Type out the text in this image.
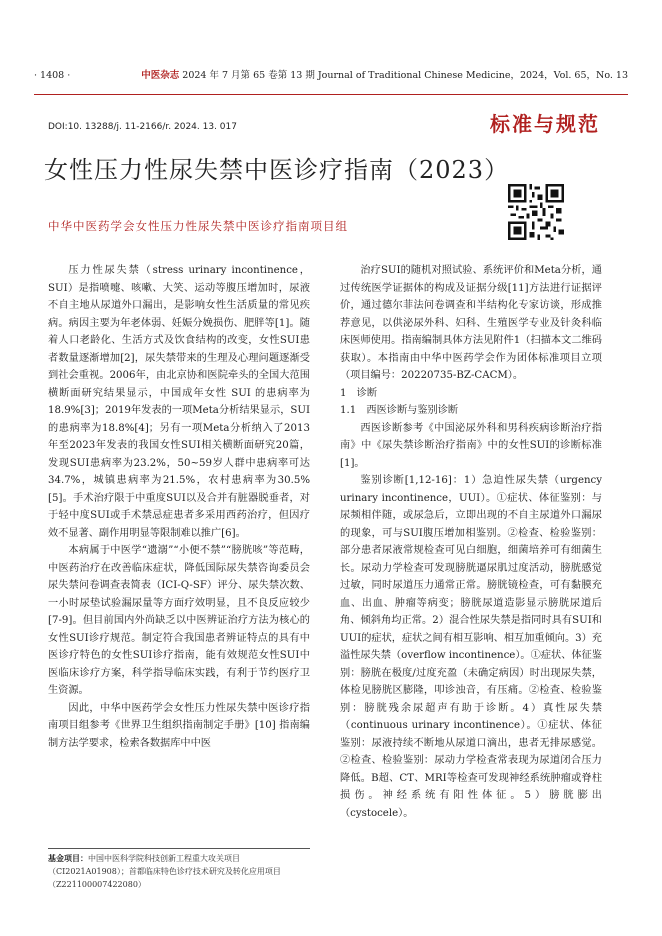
· 1408 ·	中医杂志 2024 年 7 月第 65 卷第 13 期 Journal of Traditional Chinese Medicine，2024，Vol. 65，No. 13
DOI:10. 13288/j. 11-2166/r. 2024. 13. 017	标准与规范
女性压力性尿失禁中医诊疗指南（2023）
中华中医药学会女性压力性尿失禁中医诊疗指南项目组

压力性尿失禁（stress urinary incontinence，SUI）是指喷嚏、咳嗽、大笑、运动等腹压增加时，尿液不自主地从尿道外口漏出，是影响女性生活质量的常见疾病。病因主要为年老体弱、妊娠分娩损伤、肥胖等[1]。随着人口老龄化、生活方式及饮食结构的改变，女性SUI患者数量逐渐增加[2]，尿失禁带来的生理及心理问题逐渐受到社会重视。2006年，由北京协和医院牵头的全国大范围横断面研究结果显示，中国成年女性 SUI 的患病率为 18.9%[3]；2019年发表的一项Meta分析结果显示，SUI的患病率为18.8%[4]；另有一项Meta分析纳入了2013年至2023年发表的我国女性SUI相关横断面研究20篇，发现SUI患病率为23.2%，50~59岁人群中患病率可达34.7%，城镇患病率为21.5%，农村患病率为30.5%[5]。手术治疗限于中重度SUI以及合并有脏器脱垂者，对于轻中度SUI或手术禁忌症患者多采用西药治疗，但因疗效不显著、副作用明显等限制难以推广[6]。

本病属于中医学“遗溺”“小便不禁”“膀胱咳”等范畴，中医药治疗在改善临床症状，降低国际尿失禁咨询委员会尿失禁问卷调查表简表（ICI-Q-SF）评分、尿失禁次数、一小时尿垫试验漏尿量等方面疗效明显，且不良反应较少[7-9]。但目前国内外尚缺乏以中医辨证治疗方法为核心的女性SUI诊疗规范。制定符合我国患者辨证特点的具有中医诊疗特色的女性SUI诊疗指南，能有效规范女性SUI中医临床诊疗方案，科学指导临床实践，有利于节约医疗卫生资源。

因此，中华中医药学会女性压力性尿失禁中医诊疗指南项目组参考《世界卫生组织指南制定手册》[10] 指南编制方法学要求，检索各数据库中中医

基金项目：中国中医科学院科技创新工程重大攻关项目（CI2021A01908）；首都临床特色诊疗技术研究及转化应用项目（Z221100007422080）

治疗SUI的随机对照试验、系统评价和Meta分析，通过传统医学证据体的构成及证据分级[11]方法进行证据评价，通过德尔菲法问卷调查和半结构化专家访谈，形成推荐意见，以供泌尿外科、妇科、生殖医学专业及针灸科临床医师使用。指南编制具体方法见附件1（扫描本文二维码获取）。本指南由中华中医药学会作为团体标准项目立项（项目编号：20220735-BZ-CACM）。

1　诊断

1.1　西医诊断与鉴别诊断

西医诊断参考《中国泌尿外科和男科疾病诊断治疗指南》中《尿失禁诊断治疗指南》中的女性SUI的诊断标准[1]。

鉴别诊断[1,12-16]：1）急迫性尿失禁（urgency urinary incontinence，UUI）。①症状、体征鉴别：与尿频相伴随，或尿急后，立即出现的不自主尿道外口漏尿的现象，可与SUI腹压增加相鉴别。②检查、检验鉴别：部分患者尿液常规检查可见白细胞，细菌培养可有细菌生长。尿动力学检查可发现膀胱逼尿肌过度活动，膀胱感觉过敏，同时尿道压力通常正常。膀胱镜检查，可有黏膜充血、出血、肿瘤等病变；膀胱尿道造影显示膀胱尿道后角、倾斜角均正常。2）混合性尿失禁是指同时具有SUI和UUI的症状，症状之间有相互影响、相互加重倾向。3）充溢性尿失禁（overflow incontinence）。①症状、体征鉴别：膀胱在极度/过度充盈（未确定病因）时出现尿失禁，体检见膀胱区膨隆，叩诊浊音，有压痛。②检查、检验鉴别：膀胱残余尿超声有助于诊断。4）真性尿失禁（continuous urinary incontinence）。①症状、体征鉴别：尿液持续不断地从尿道口滴出，患者无排尿感觉。②检查、检验鉴别：尿动力学检查常表现为尿道闭合压力降低。B超、CT、MRI等检查可发现神经系统肿瘤或脊柱损伤。神经系统有阳性体征。5）膀胱膨出（cystocele）。
